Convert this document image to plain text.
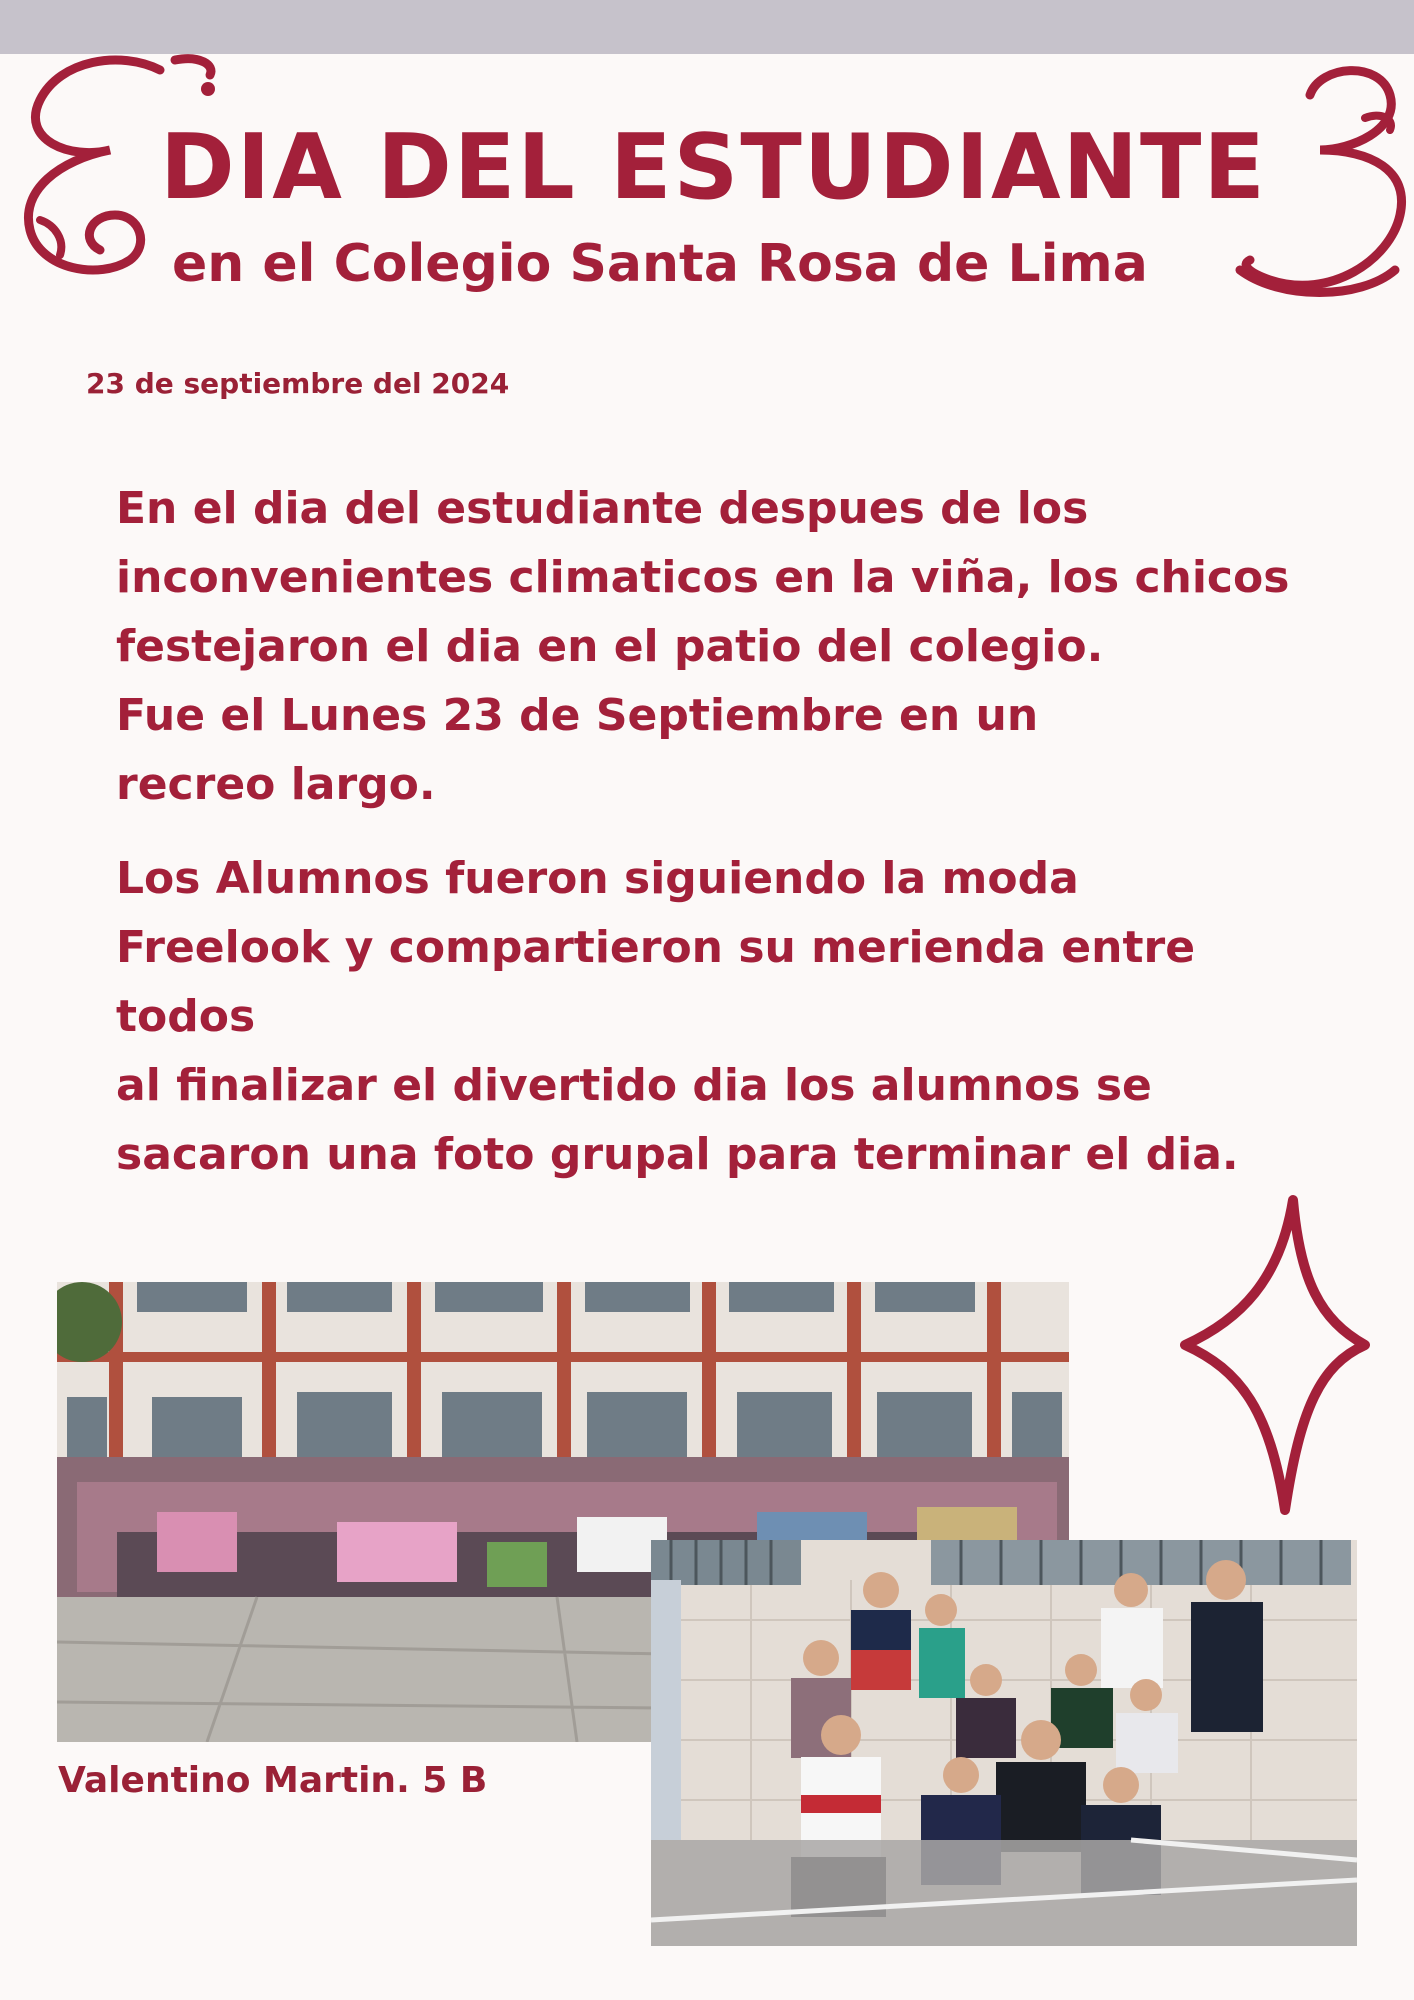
DIA DEL ESTUDIANTE
en el Colegio Santa Rosa de Lima
23 de septiembre del 2024
En el dia del estudiante despues de los
inconvenientes climaticos en la viña, los chicos
festejaron el dia en el patio del colegio.
Fue el Lunes 23 de Septiembre en un
recreo largo.
Los Alumnos fueron siguiendo la moda
Freelook y compartieron su merienda entre
todos
al finalizar el divertido dia los alumnos se
sacaron una foto grupal para terminar el dia.
Valentino Martin. 5 B
